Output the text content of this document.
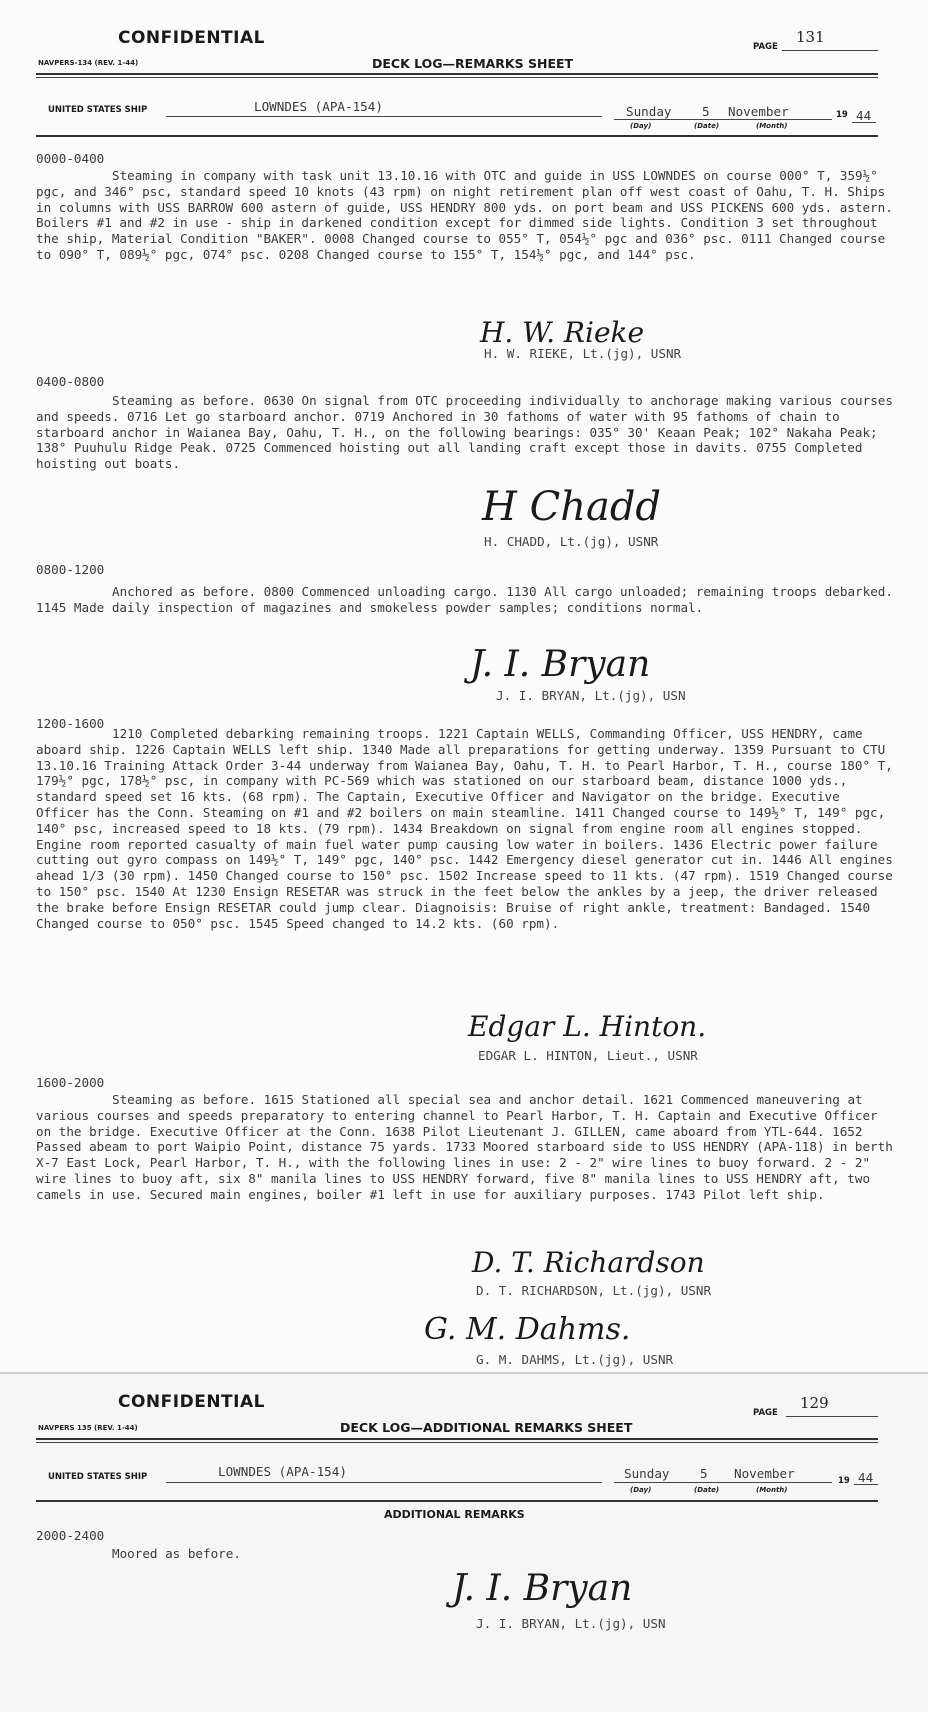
CONFIDENTIAL
NAVPERS-134 (REV. 1-44)	DECK LOG—REMARKS SHEET
PAGE
131
UNITED STATES SHIP	LOWNDES (APA-154)	Sunday 5 November	19 44
(Day)	(Date)	(Month)
0000-0400

Steaming in company with task unit 13.10.16 with OTC and guide in USS LOWNDES on course 000° T, 359½° pgc, and 346° psc, standard speed 10 knots (43 rpm) on night retirement plan off west coast of Oahu, T. H. Ships in columns with USS BARROW 600 astern of guide, USS HENDRY 800 yds. on port beam and USS PICKENS 600 yds. astern. Boilers #1 and #2 in use - ship in darkened condition except for dimmed side lights. Condition 3 set throughout the ship, Material Condition "BAKER". 0008 Changed course to 055° T, 054½° pgc and 036° psc. 0111 Changed course to 090° T, 089½° pgc, 074° psc. 0208 Changed course to 155° T, 154½° pgc, and 144° psc.

H. W. Rieke
H. W. RIEKE, Lt.(jg), USNR
0400-0800

Steaming as before. 0630 On signal from OTC proceeding individually to anchorage making various courses and speeds. 0716 Let go starboard anchor. 0719 Anchored in 30 fathoms of water with 95 fathoms of chain to starboard anchor in Waianea Bay, Oahu, T. H., on the following bearings: 035° 30' Keaan Peak; 102° Nakaha Peak; 138° Puuhulu Ridge Peak. 0725 Commenced hoisting out all landing craft except those in davits. 0755 Completed hoisting out boats.

H Chadd
H. CHADD, Lt.(jg), USNR
0800-1200

Anchored as before. 0800 Commenced unloading cargo. 1130 All cargo unloaded; remaining troops debarked. 1145 Made daily inspection of magazines and smokeless powder samples; conditions normal.

J. I. Bryan
J. I. BRYAN, Lt.(jg), USN
1200-1600

1210 Completed debarking remaining troops. 1221 Captain WELLS, Commanding Officer, USS HENDRY, came aboard ship. 1226 Captain WELLS left ship. 1340 Made all preparations for getting underway. 1359 Pursuant to CTU 13.10.16 Training Attack Order 3-44 underway from Waianea Bay, Oahu, T. H. to Pearl Harbor, T. H., course 180° T, 179½° pgc, 178½° psc, in company with PC-569 which was stationed on our starboard beam, distance 1000 yds., standard speed set 16 kts. (68 rpm). The Captain, Executive Officer and Navigator on the bridge. Executive Officer has the Conn. Steaming on #1 and #2 boilers on main steamline. 1411 Changed course to 149½° T, 149° pgc, 140° psc, increased speed to 18 kts. (79 rpm). 1434 Breakdown on signal from engine room all engines stopped. Engine room reported casualty of main fuel water pump causing low water in boilers. 1436 Electric power failure cutting out gyro compass on 149½° T, 149° pgc, 140° psc. 1442 Emergency diesel generator cut in. 1446 All engines ahead 1/3 (30 rpm). 1450 Changed course to 150° psc. 1502 Increase speed to 11 kts. (47 rpm). 1519 Changed course to 150° psc. 1540 At 1230 Ensign RESETAR was struck in the feet below the ankles by a jeep, the driver released the brake before Ensign RESETAR could jump clear. Diagnoisis: Bruise of right ankle, treatment: Bandaged. 1540 Changed course to 050° psc. 1545 Speed changed to 14.2 kts. (60 rpm).

Edgar L. Hinton.
EDGAR L. HINTON, Lieut., USNR
1600-2000

Steaming as before. 1615 Stationed all special sea and anchor detail. 1621 Commenced maneuvering at various courses and speeds preparatory to entering channel to Pearl Harbor, T. H. Captain and Executive Officer on the bridge. Executive Officer at the Conn. 1638 Pilot Lieutenant J. GILLEN, came aboard from YTL-644. 1652 Passed abeam to port Waipio Point, distance 75 yards. 1733 Moored starboard side to USS HENDRY (APA-118) in berth X-7 East Lock, Pearl Harbor, T. H., with the following lines in use: 2 - 2" wire lines to buoy forward. 2 - 2" wire lines to buoy aft, six 8" manila lines to USS HENDRY forward, five 8" manila lines to USS HENDRY aft, two camels in use. Secured main engines, boiler #1 left in use for auxiliary purposes. 1743 Pilot left ship.

D. T. Richardson
D. T. RICHARDSON, Lt.(jg), USNR
G. M. Dahms.
G. M. DAHMS, Lt.(jg), USNR
CONFIDENTIAL
NAVPERS 135 (REV. 1-44)	DECK LOG—ADDITIONAL REMARKS SHEET
PAGE
129
UNITED STATES SHIP	LOWNDES (APA-154)	Sunday 5 November	19 44
(Day)	(Date)	(Month)
ADDITIONAL REMARKS
2000-2400

Moored as before.

J. I. Bryan
J. I. BRYAN, Lt.(jg), USN
